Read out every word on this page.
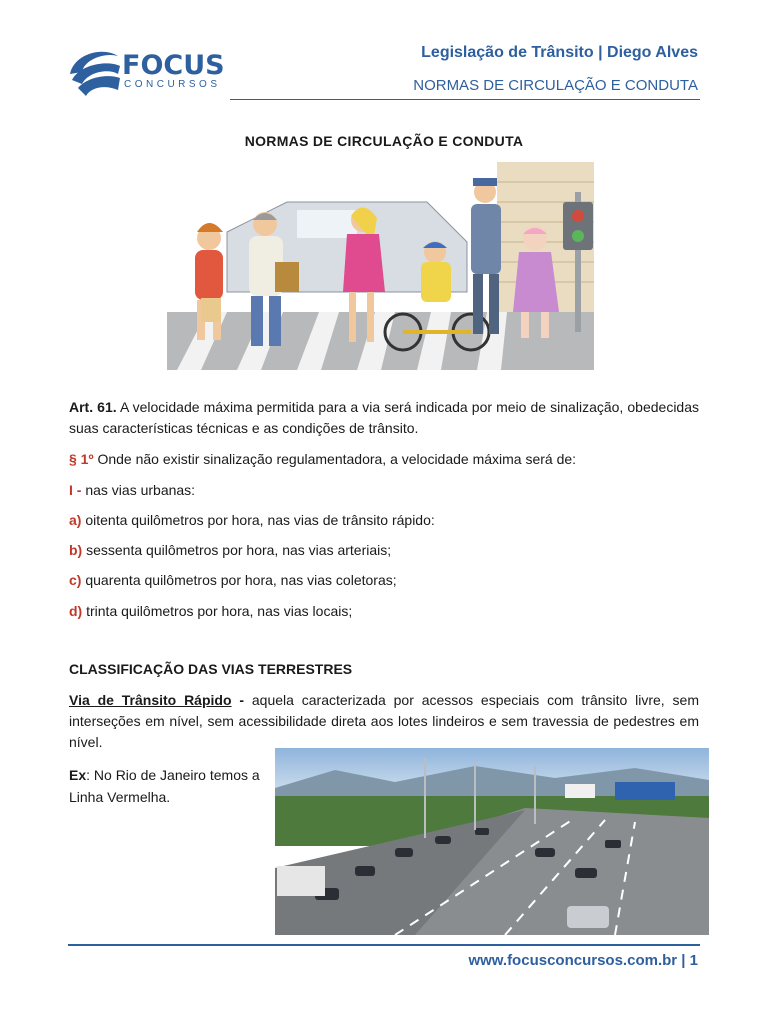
FOCUS
CONCURSOS
Legislação de Trânsito | Diego Alves
NORMAS DE CIRCULAÇÃO E CONDUTA
NORMAS DE CIRCULAÇÃO E CONDUTA
Art. 61. A velocidade máxima permitida para a via será indicada por meio de sinalização, obedecidas suas características técnicas e as condições de trânsito.
§ 1º Onde não existir sinalização regulamentadora, a velocidade máxima será de:
I - nas vias urbanas:
a) oitenta quilômetros por hora, nas vias de trânsito rápido:
b) sessenta quilômetros por hora, nas vias arteriais;
c) quarenta quilômetros por hora, nas vias coletoras;
d) trinta quilômetros por hora, nas vias locais;
CLASSIFICAÇÃO DAS VIAS TERRESTRES
Via de Trânsito Rápido - aquela caracterizada por acessos especiais com trânsito livre, sem interseções em nível, sem acessibilidade direta aos lotes lindeiros e sem travessia de pedestres em nível.
Ex: No Rio de Janeiro temos a Linha Vermelha.
www.focusconcursos.com.br | 1
